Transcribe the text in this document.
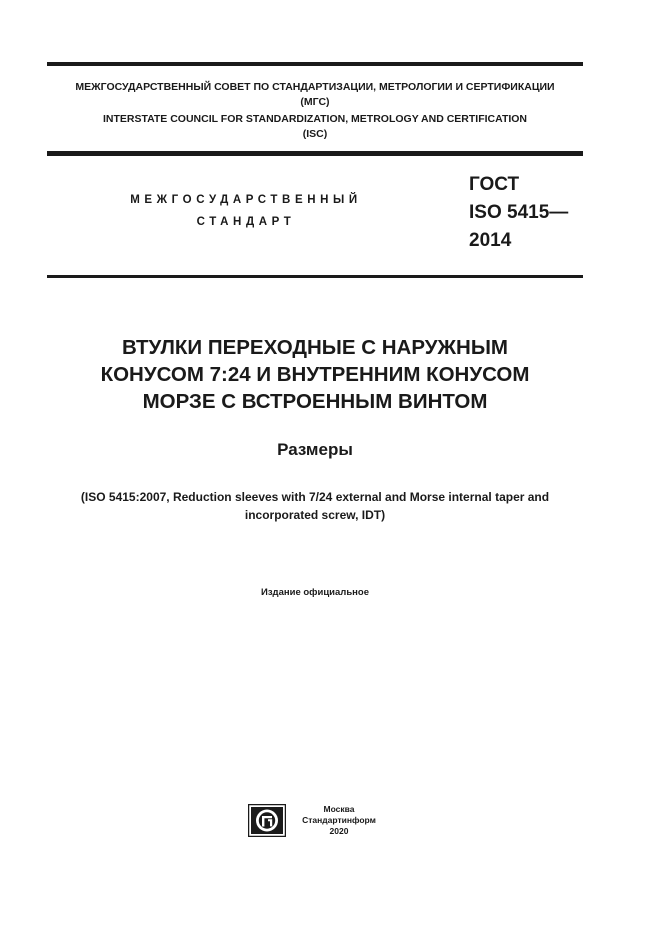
МЕЖГОСУДАРСТВЕННЫЙ СОВЕТ ПО СТАНДАРТИЗАЦИИ, МЕТРОЛОГИИ И СЕРТИФИКАЦИИ
(МГС)
INTERSTATE COUNCIL FOR STANDARDIZATION, METROLOGY AND CERTIFICATION
(ISC)
МЕЖГОСУДАРСТВЕННЫЙ
СТАНДАРТ
ГОСТ
ISO 5415—
2014
ВТУЛКИ ПЕРЕХОДНЫЕ С НАРУЖНЫМ
КОНУСОМ 7:24 И ВНУТРЕННИМ КОНУСОМ
МОРЗЕ С ВСТРОЕННЫМ ВИНТОМ
Размеры
(ISO 5415:2007, Reduction sleeves with 7/24 external and Morse internal taper and
incorporated screw, IDT)
Издание официальное
Москва
Стандартинформ
2020
